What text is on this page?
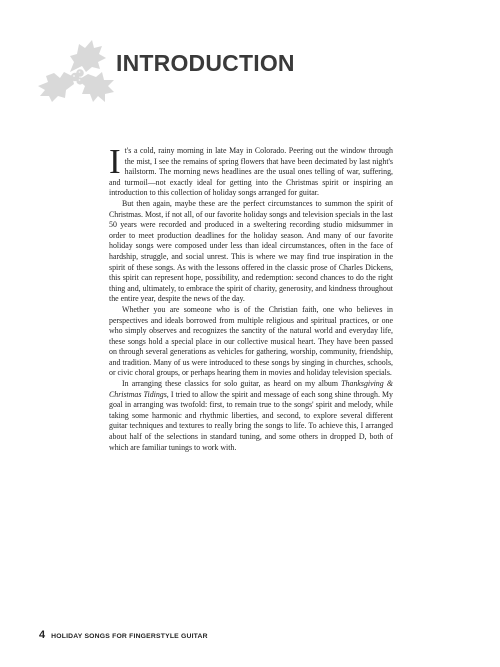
INTRODUCTION

It's a cold, rainy morning in late May in Colorado. Peering out the window through the mist, I see the remains of spring flowers that have been decimated by last night's hailstorm. The morning news headlines are the usual ones telling of war, suffering, and turmoil—not exactly ideal for getting into the Christmas spirit or inspiring an introduction to this collection of holiday songs arranged for guitar.

But then again, maybe these are the perfect circumstances to summon the spirit of Christmas. Most, if not all, of our favorite holiday songs and television specials in the last 50 years were recorded and produced in a sweltering recording studio midsummer in order to meet production deadlines for the holiday season. And many of our favorite holiday songs were composed under less than ideal circumstances, often in the face of hardship, struggle, and social unrest. This is where we may find true inspiration in the spirit of these songs. As with the lessons offered in the classic prose of Charles Dickens, this spirit can represent hope, possibility, and redemption: second chances to do the right thing and, ultimately, to embrace the spirit of charity, generosity, and kindness throughout the entire year, despite the news of the day.

Whether you are someone who is of the Christian faith, one who believes in perspectives and ideals borrowed from multiple religious and spiritual practices, or one who simply observes and recognizes the sanctity of the natural world and everyday life, these songs hold a special place in our collective musical heart. They have been passed on through several generations as vehicles for gathering, worship, community, friendship, and tradition. Many of us were introduced to these songs by singing in churches, schools, or civic choral groups, or perhaps hearing them in movies and holiday television specials.

In arranging these classics for solo guitar, as heard on my album Thanksgiving & Christmas Tidings, I tried to allow the spirit and message of each song shine through. My goal in arranging was twofold: first, to remain true to the songs' spirit and melody, while taking some harmonic and rhythmic liberties, and second, to explore several different guitar techniques and textures to really bring the songs to life. To achieve this, I arranged about half of the selections in standard tuning, and some others in dropped D, both of which are familiar tunings to work with.

4 HOLIDAY SONGS FOR FINGERSTYLE GUITAR
